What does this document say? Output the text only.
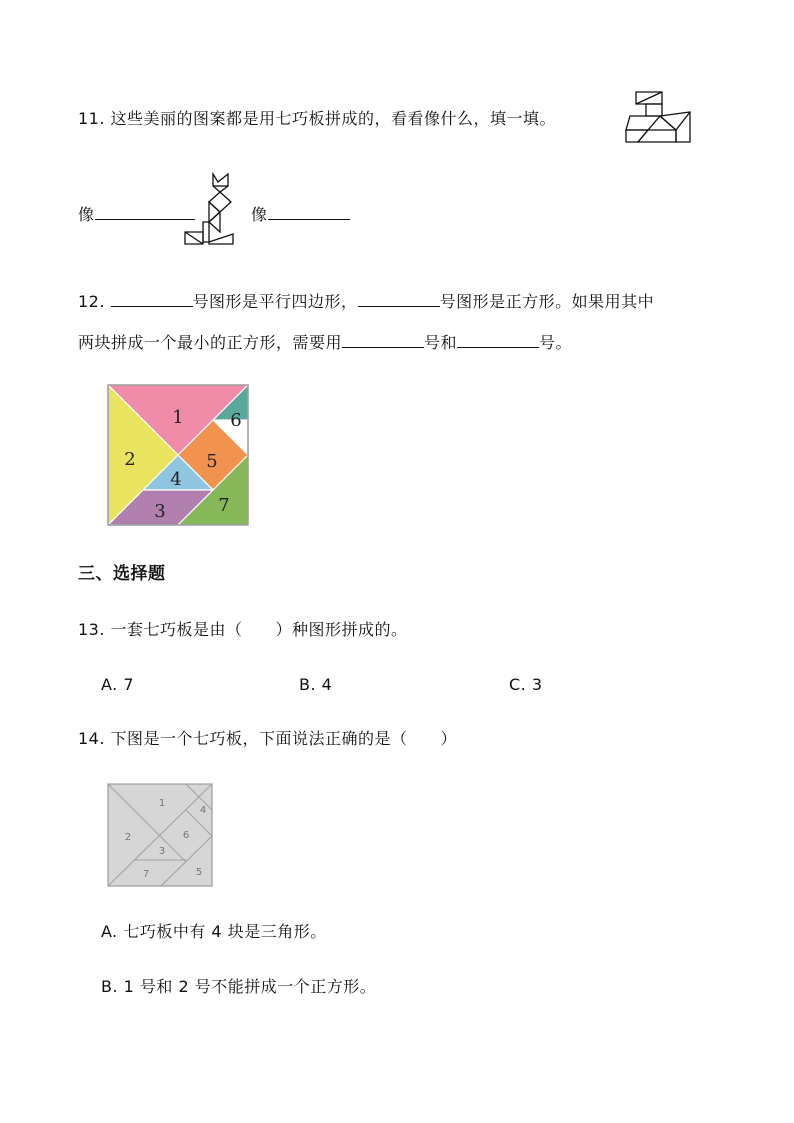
11. 这些美丽的图案都是用七巧板拼成的，看看像什么，填一填。
像	像
12.	号图形是平行四边形，	号图形是正方形。如果用其中
两块拼成一个最小的正方形，需要用	号和	号。
1
2
3
4
5
6
7
三、选择题
13. 一套七巧板是由（　　）种图形拼成的。
A. 7	B. 4	C. 3
14. 下图是一个七巧板，下面说法正确的是（　　）
1
2
3
4
5
6
7
A. 七巧板中有 4 块是三角形。
B. 1 号和 2 号不能拼成一个正方形。
